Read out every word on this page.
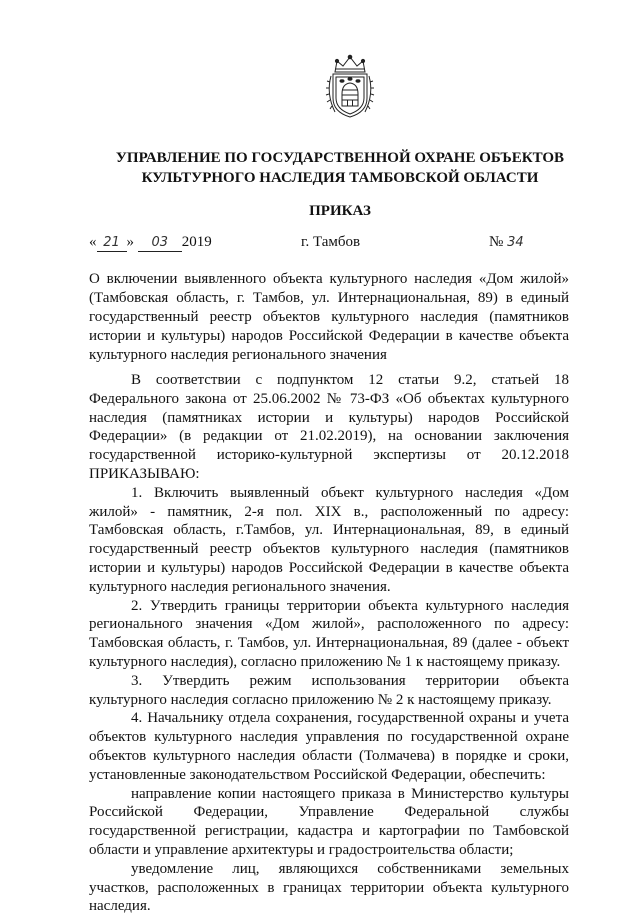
УПРАВЛЕНИЕ ПО ГОСУДАРСТВЕННОЙ ОХРАНЕ ОБЪЕКТОВ
КУЛЬТУРНОГО НАСЛЕДИЯ ТАМБОВСКОЙ ОБЛАСТИ
ПРИКАЗ
« 21 » 03 2019	г. Тамбов	№ 34
О включении выявленного объекта культурного наследия «Дом жилой» (Тамбовская область, г. Тамбов, ул. Интернациональная, 89) в единый государственный реестр объектов культурного наследия (памятников истории и культуры) народов Российской Федерации в качестве объекта культурного наследия регионального значения

В соответствии с подпунктом 12 статьи 9.2, статьей 18 Федерального закона от 25.06.2002 № 73-ФЗ «Об объектах культурного наследия (памятниках истории и культуры) народов Российской Федерации» (в редакции от 21.02.2019), на основании заключения государственной историко-культурной экспертизы от 20.12.2018 ПРИКАЗЫВАЮ:

1. Включить выявленный объект культурного наследия «Дом жилой» - памятник, 2-я пол. XIX в., расположенный по адресу: Тамбовская область, г.Тамбов, ул. Интернациональная, 89, в единый государственный реестр объектов культурного наследия (памятников истории и культуры) народов Российской Федерации в качестве объекта культурного наследия регионального значения.

2. Утвердить границы территории объекта культурного наследия регионального значения «Дом жилой», расположенного по адресу: Тамбовская область, г. Тамбов, ул. Интернациональная, 89 (далее - объект культурного наследия), согласно приложению № 1 к настоящему приказу.

3. Утвердить режим использования территории объекта культурного наследия согласно приложению № 2 к настоящему приказу.

4. Начальнику отдела сохранения, государственной охраны и учета объектов культурного наследия управления по государственной охране объектов культурного наследия области (Толмачева) в порядке и сроки, установленные законодательством Российской Федерации, обеспечить:

направление копии настоящего приказа в Министерство культуры Российской Федерации, Управление Федеральной службы государственной регистрации, кадастра и картографии по Тамбовской области и управление архитектуры и градостроительства области;

уведомление лиц, являющихся собственниками земельных участков, расположенных в границах территории объекта культурного наследия.
